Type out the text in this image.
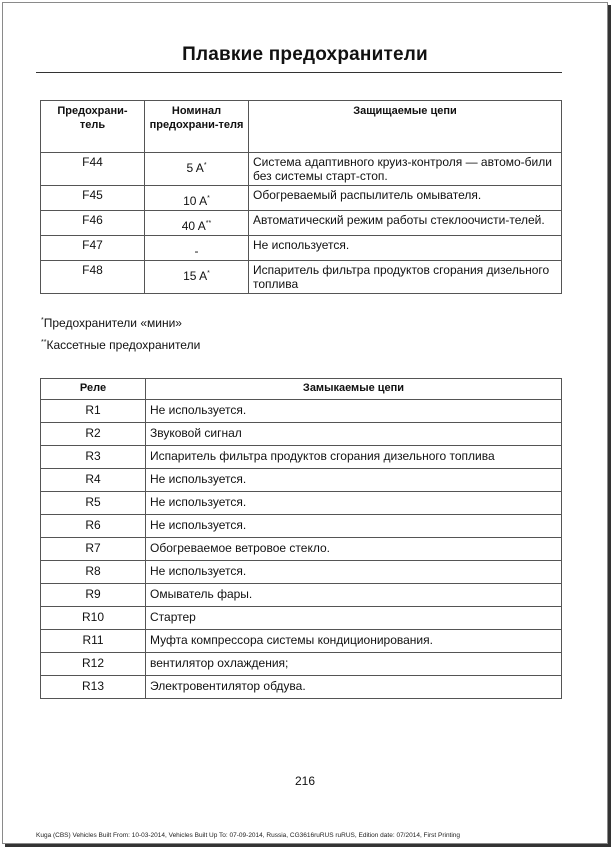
Плавкие предохранители
Предохрани-тель	Номинал предохрани-теля	Защищаемые цепи
F44	5 A*	Система адаптивного круиз-контроля — автомо-били без системы старт-стоп.
F45	10 A*	Обогреваемый распылитель омывателя.
F46	40 A**	Автоматический режим работы стеклоочисти-телей.
F47	-	Не используется.
F48	15 A*	Испаритель фильтра продуктов сгорания дизельного топлива
*Предохранители «мини»
**Кассетные предохранители
Реле	Замыкаемые цепи
R1	Не используется.
R2	Звуковой сигнал
R3	Испаритель фильтра продуктов сгорания дизельного топлива
R4	Не используется.
R5	Не используется.
R6	Не используется.
R7	Обогреваемое ветровое стекло.
R8	Не используется.
R9	Омыватель фары.
R10	Стартер
R11	Муфта компрессора системы кондиционирования.
R12	вентилятор охлаждения;
R13	Электровентилятор обдува.
216
Kuga (CBS) Vehicles Built From: 10-03-2014, Vehicles Built Up To: 07-09-2014, Russia, CG3616ruRUS ruRUS, Edition date: 07/2014, First Printing
